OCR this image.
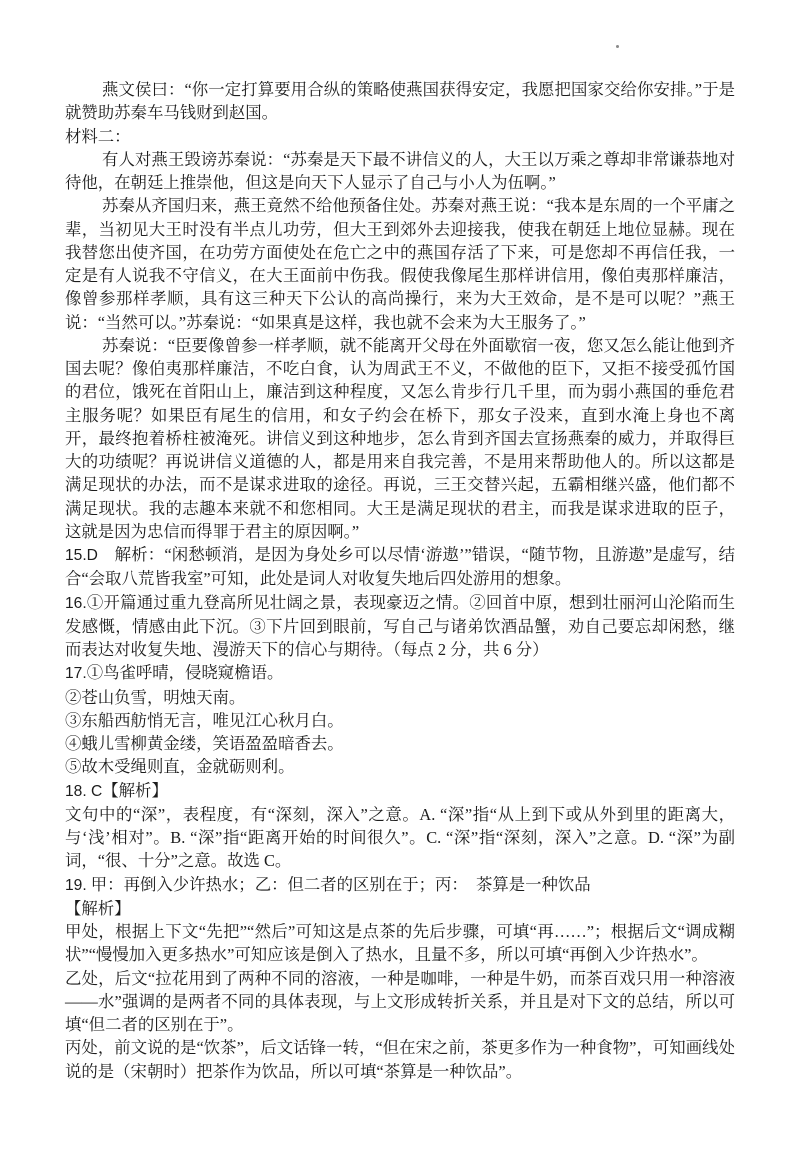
燕文侯曰：“你一定打算要用合纵的策略使燕国获得安定，我愿把国家交给你安排。”于是就赞助苏秦车马钱财到赵国。

材料二：

有人对燕王毁谤苏秦说：“苏秦是天下最不讲信义的人，大王以万乘之尊却非常谦恭地对待他，在朝廷上推崇他，但这是向天下人显示了自己与小人为伍啊。”

苏秦从齐国归来，燕王竟然不给他预备住处。苏秦对燕王说：“我本是东周的一个平庸之辈，当初见大王时没有半点儿功劳，但大王到郊外去迎接我，使我在朝廷上地位显赫。现在我替您出使齐国，在功劳方面使处在危亡之中的燕国存活了下来，可是您却不再信任我，一定是有人说我不守信义，在大王面前中伤我。假使我像尾生那样讲信用，像伯夷那样廉洁，像曾参那样孝顺，具有这三种天下公认的高尚操行，来为大王效命，是不是可以呢？”燕王说：“当然可以。”苏秦说：“如果真是这样，我也就不会来为大王服务了。”

苏秦说：“臣要像曾参一样孝顺，就不能离开父母在外面歇宿一夜，您又怎么能让他到齐国去呢？像伯夷那样廉洁，不吃白食，认为周武王不义，不做他的臣下，又拒不接受孤竹国的君位，饿死在首阳山上，廉洁到这种程度，又怎么肯步行几千里，而为弱小燕国的垂危君主服务呢？如果臣有尾生的信用，和女子约会在桥下，那女子没来，直到水淹上身也不离开，最终抱着桥柱被淹死。讲信义到这种地步，怎么肯到齐国去宣扬燕秦的威力，并取得巨大的功绩呢？再说讲信义道德的人，都是用来自我完善，不是用来帮助他人的。所以这都是满足现状的办法，而不是谋求进取的途径。再说，三王交替兴起，五霸相继兴盛，他们都不满足现状。我的志趣本来就不和您相同。大王是满足现状的君主，而我是谋求进取的臣子，这就是因为忠信而得罪于君主的原因啊。”

15.D　解析：“闲愁顿消，是因为身处乡可以尽情‘游遨’”错误，“随节物，且游遨”是虚写，结合“会取八荒皆我室”可知，此处是词人对收复失地后四处游用的想象。

16.①开篇通过重九登高所见壮阔之景，表现豪迈之情。②回首中原，想到壮丽河山沦陷而生发感慨，情感由此下沉。③下片回到眼前，写自己与诸弟饮酒品蟹，劝自己要忘却闲愁，继而表达对收复失地、漫游天下的信心与期待。（每点 2 分，共 6 分）

17.①鸟雀呼晴，侵晓窥檐语。

②苍山负雪，明烛天南。

③东船西舫悄无言，唯见江心秋月白。

④蛾儿雪柳黄金缕，笑语盈盈暗香去。

⑤故木受绳则直，金就砺则利。

18. C【解析】

文句中的“深”，表程度，有“深刻，深入”之意。A. “深”指“从上到下或从外到里的距离大，与‘浅’相对”。B. “深”指“距离开始的时间很久”。C. “深”指“深刻，深入”之意。D. “深”为副词，“很、十分”之意。故选 C。

19. 甲：再倒入少许热水；乙：但二者的区别在于；丙：　茶算是一种饮品

【解析】

甲处，根据上下文“先把”“然后”可知这是点茶的先后步骤，可填“再……”；根据后文“调成糊状”“慢慢加入更多热水”可知应该是倒入了热水，且量不多，所以可填“再倒入少许热水”。

乙处，后文“拉花用到了两种不同的溶液，一种是咖啡，一种是牛奶，而茶百戏只用一种溶液——水”强调的是两者不同的具体表现，与上文形成转折关系，并且是对下文的总结，所以可填“但二者的区别在于”。

丙处，前文说的是“饮茶”，后文话锋一转，“但在宋之前，茶更多作为一种食物”，可知画线处说的是（宋朝时）把茶作为饮品，所以可填“茶算是一种饮品”。
